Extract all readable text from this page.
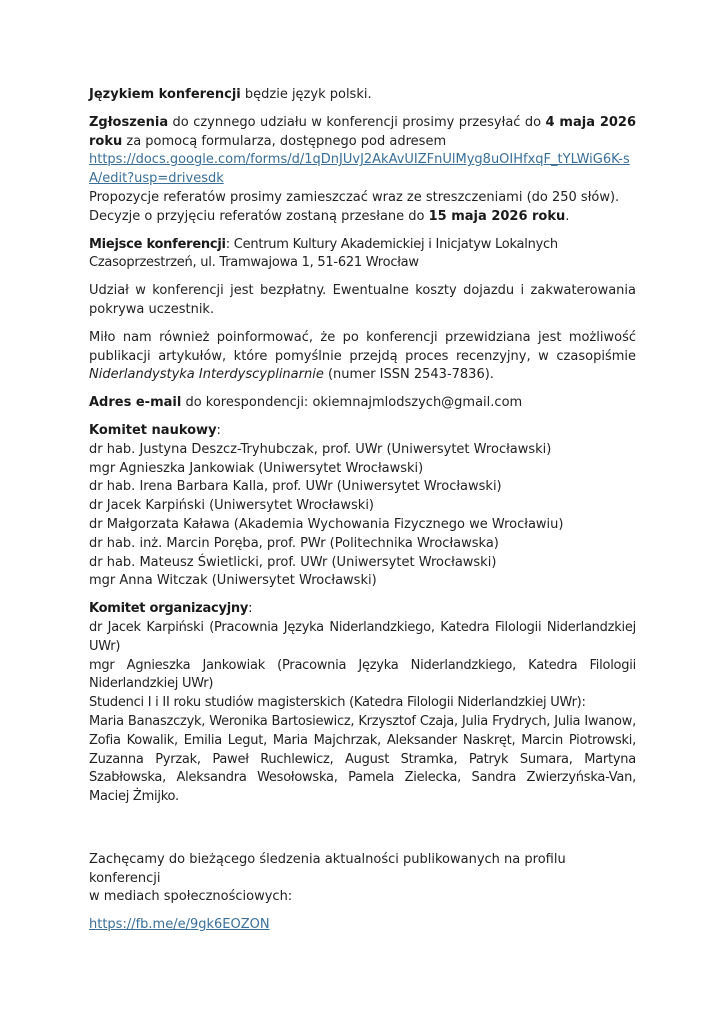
Językiem konferencji będzie język polski.

Zgłoszenia do czynnego udziału w konferencji prosimy przesyłać do 4 maja 2026 roku za pomocą formularza, dostępnego pod adresem
https://docs.google.com/forms/d/1qDnJUvJ2AkAvUIZFnUlMyg8uOIHfxqF_tYLWiG6K-sA/edit?usp=drivesdk
Propozycje referatów prosimy zamieszczać wraz ze streszczeniami (do 250 słów).
Decyzje o przyjęciu referatów zostaną przesłane do 15 maja 2026 roku.

Miejsce konferencji: Centrum Kultury Akademickiej i Inicjatyw Lokalnych Czasoprzestrzeń, ul. Tramwajowa 1, 51-621 Wrocław

Udział w konferencji jest bezpłatny. Ewentualne koszty dojazdu i zakwaterowania pokrywa uczestnik.

Miło nam również poinformować, że po konferencji przewidziana jest możliwość publikacji artykułów, które pomyślnie przejdą proces recenzyjny, w czasopiśmie Niderlandystyka Interdyscyplinarnie (numer ISSN 2543-7836).

Adres e-mail do korespondencji: okiemnajmlodszych@gmail.com

Komitet naukowy:
dr hab. Justyna Deszcz-Tryhubczak, prof. UWr (Uniwersytet Wrocławski)
mgr Agnieszka Jankowiak (Uniwersytet Wrocławski)
dr hab. Irena Barbara Kalla, prof. UWr (Uniwersytet Wrocławski)
dr Jacek Karpiński (Uniwersytet Wrocławski)
dr Małgorzata Kaława (Akademia Wychowania Fizycznego we Wrocławiu)
dr hab. inż. Marcin Poręba, prof. PWr (Politechnika Wrocławska)
dr hab. Mateusz Świetlicki, prof. UWr (Uniwersytet Wrocławski)
mgr Anna Witczak (Uniwersytet Wrocławski)

Komitet organizacyjny:
dr Jacek Karpiński (Pracownia Języka Niderlandzkiego, Katedra Filologii Niderlandzkiej UWr)
mgr Agnieszka Jankowiak (Pracownia Języka Niderlandzkiego, Katedra Filologii Niderlandzkiej UWr)
Studenci I i II roku studiów magisterskich (Katedra Filologii Niderlandzkiej UWr):
Maria Banaszczyk, Weronika Bartosiewicz, Krzysztof Czaja, Julia Frydrych, Julia Iwanow, Zofia Kowalik, Emilia Legut, Maria Majchrzak, Aleksander Naskręt, Marcin Piotrowski, Zuzanna Pyrzak, Paweł Ruchlewicz, August Stramka, Patryk Sumara, Martyna Szabłowska, Aleksandra Wesołowska, Pamela Zielecka, Sandra Zwierzyńska-Van, Maciej Żmijko.

Zachęcamy do bieżącego śledzenia aktualności publikowanych na profilu konferencji
w mediach społecznościowych:

https://fb.me/e/9gk6EOZON
